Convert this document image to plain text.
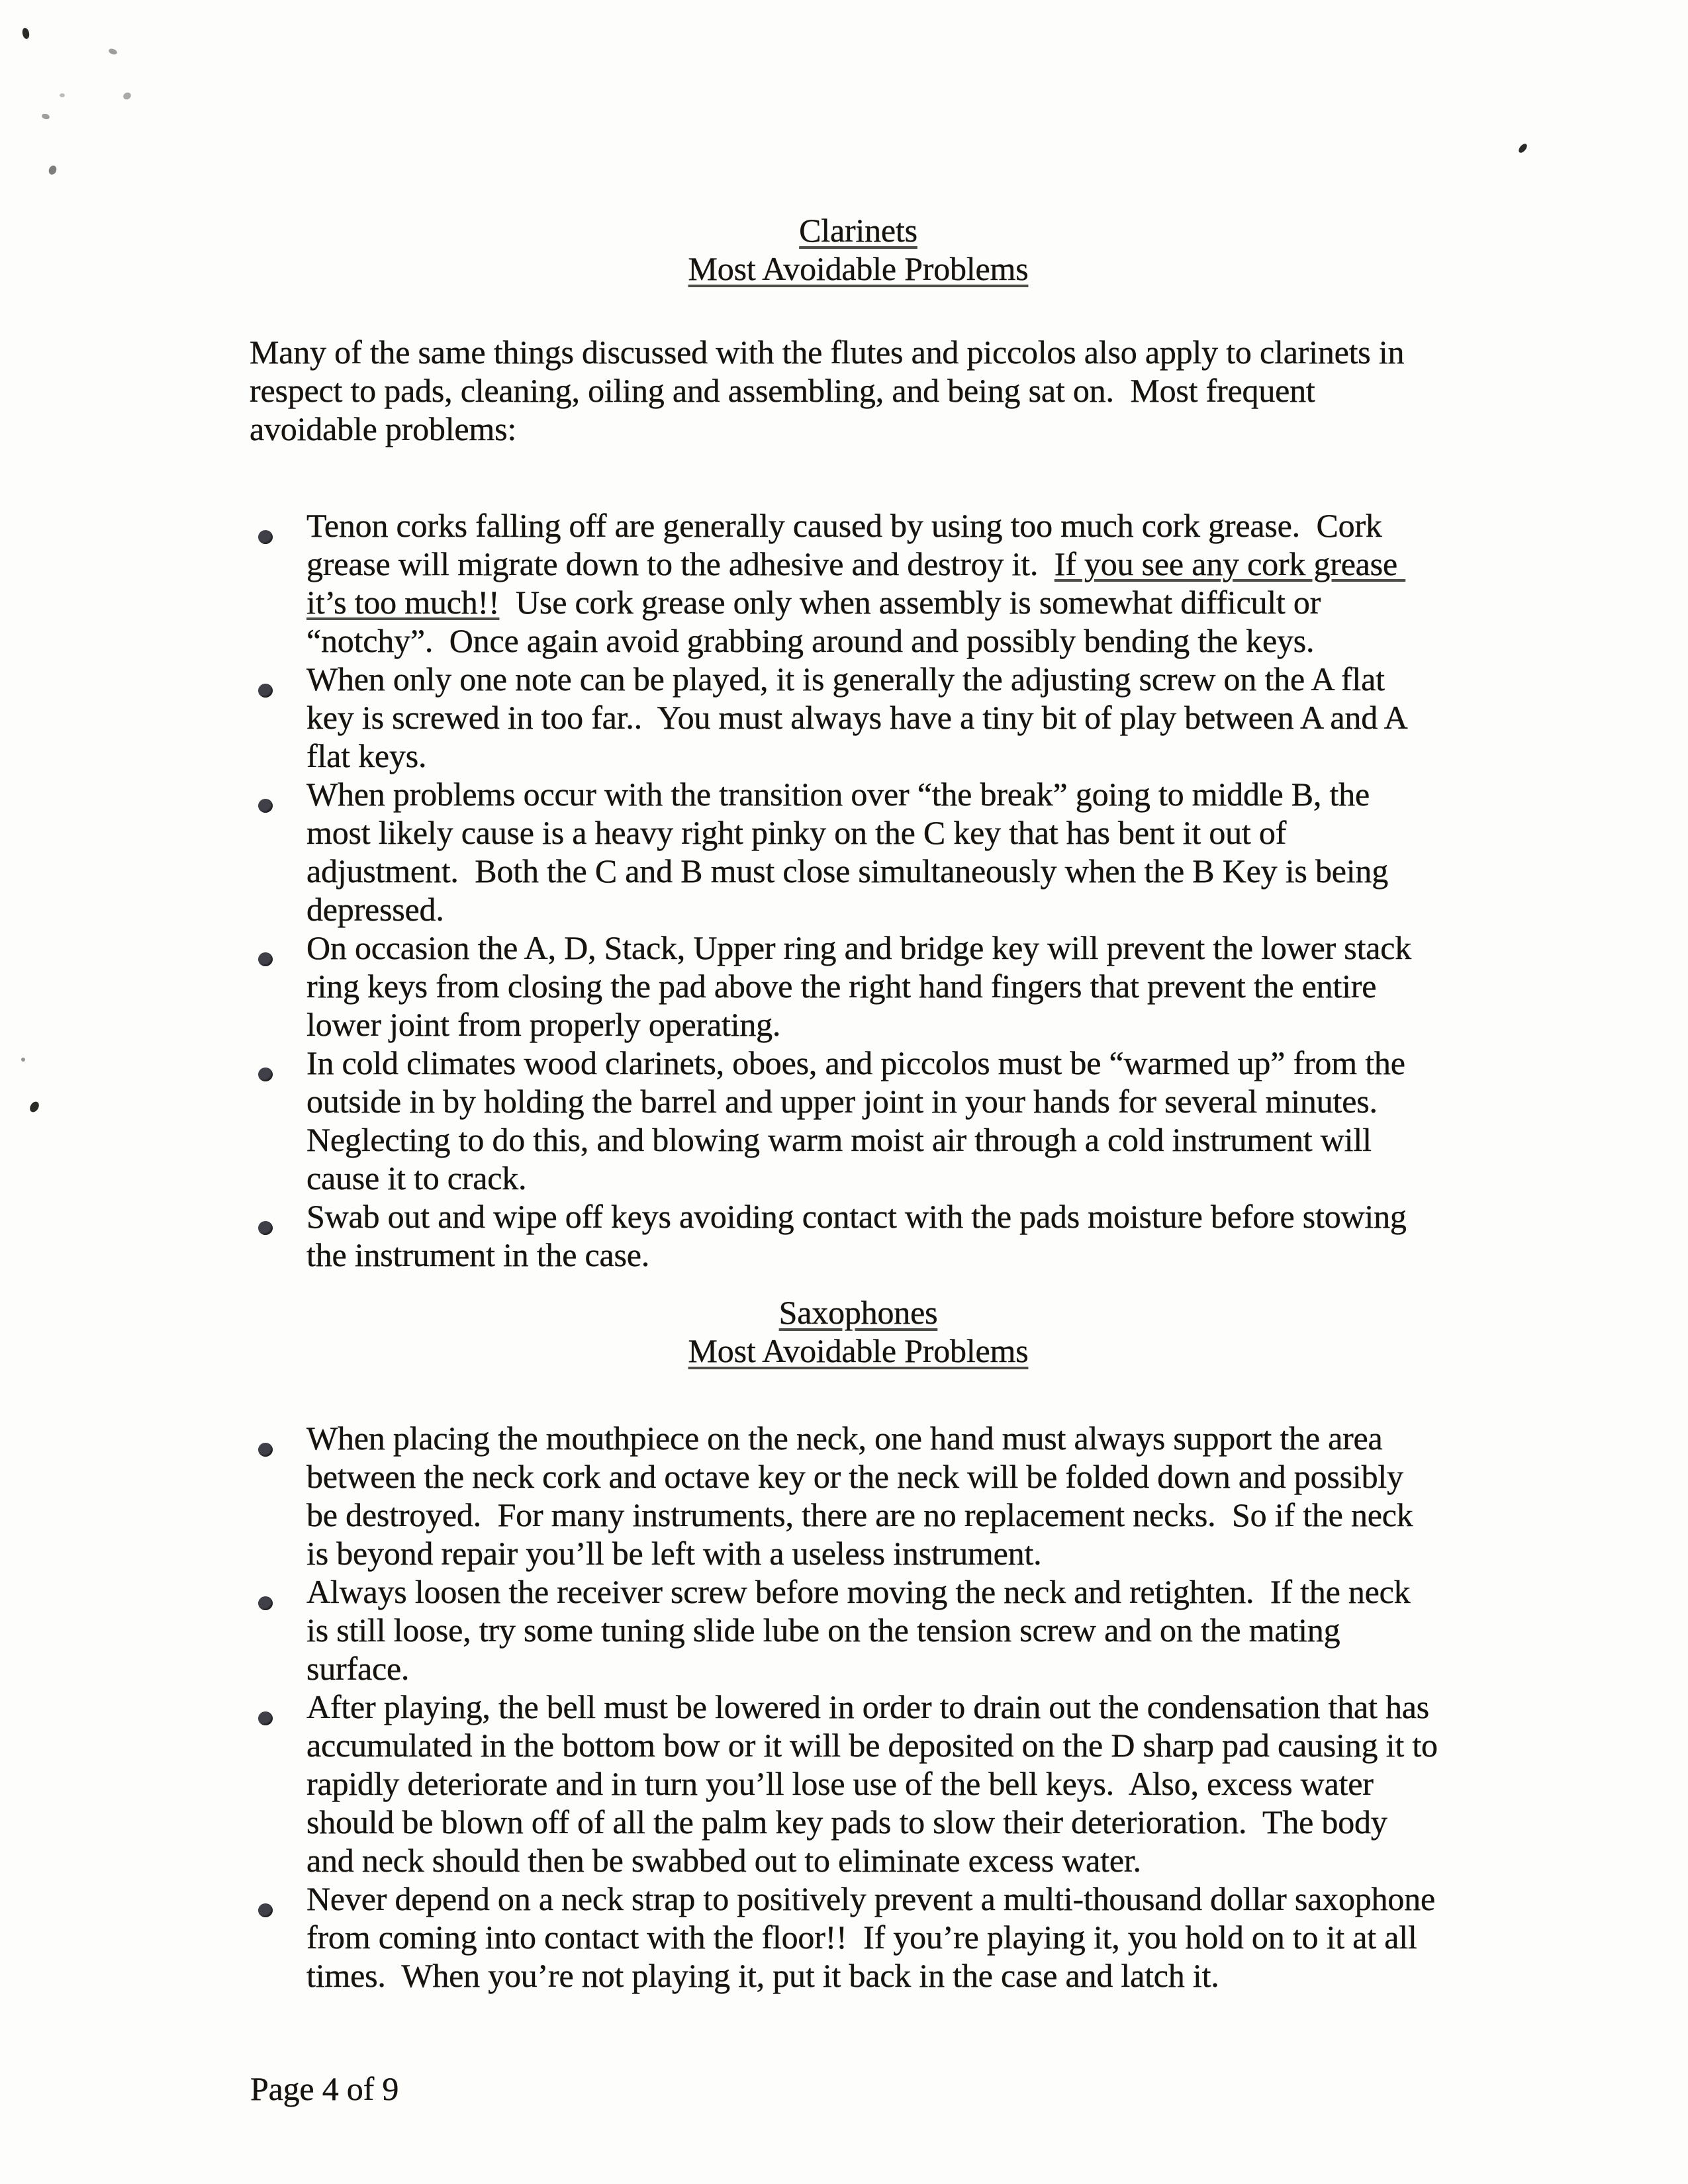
Clarinets
Most Avoidable Problems

Many of the same things discussed with the flutes and piccolos also apply to clarinets in respect to pads, cleaning, oiling and assembling, and being sat on.  Most frequent avoidable problems:

Tenon corks falling off are generally caused by using too much cork grease.  Cork grease will migrate down to the adhesive and destroy it.  If you see any cork grease it’s too much!!  Use cork grease only when assembly is somewhat difficult or “notchy”.  Once again avoid grabbing around and possibly bending the keys.
When only one note can be played, it is generally the adjusting screw on the A flat key is screwed in too far..  You must always have a tiny bit of play between A and A flat keys.
When problems occur with the transition over “the break” going to middle B, the most likely cause is a heavy right pinky on the C key that has bent it out of adjustment.  Both the C and B must close simultaneously when the B Key is being depressed.
On occasion the A, D, Stack, Upper ring and bridge key will prevent the lower stack ring keys from closing the pad above the right hand fingers that prevent the entire lower joint from properly operating.
In cold climates wood clarinets, oboes, and piccolos must be “warmed up” from the outside in by holding the barrel and upper joint in your hands for several minutes.  Neglecting to do this, and blowing warm moist air through a cold instrument will cause it to crack.
Swab out and wipe off keys avoiding contact with the pads moisture before stowing the instrument in the case.
Saxophones
Most Avoidable Problems
When placing the mouthpiece on the neck, one hand must always support the area between the neck cork and octave key or the neck will be folded down and possibly be destroyed.  For many instruments, there are no replacement necks.  So if the neck is beyond repair you’ll be left with a useless instrument.
Always loosen the receiver screw before moving the neck and retighten.  If the neck is still loose, try some tuning slide lube on the tension screw and on the mating surface.
After playing, the bell must be lowered in order to drain out the condensation that has accumulated in the bottom bow or it will be deposited on the D sharp pad causing it to rapidly deteriorate and in turn you’ll lose use of the bell keys.  Also, excess water should be blown off of all the palm key pads to slow their deterioration.  The body and neck should then be swabbed out to eliminate excess water.
Never depend on a neck strap to positively prevent a multi-thousand dollar saxophone from coming into contact with the floor!!  If you’re playing it, you hold on to it at all times.  When you’re not playing it, put it back in the case and latch it.
Page 4 of 9
